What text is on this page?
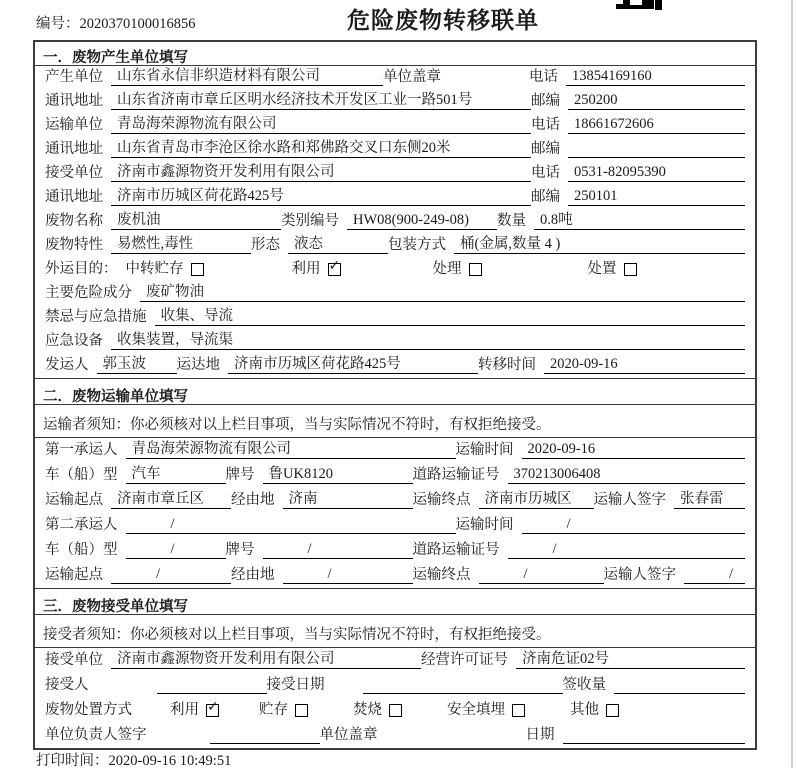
编号：2020370100016856	危险废物转移联单
一．废物产生单位填写
产生单位 山东省永信非织造材料有限公司	单位盖章	电话 13854169160
通讯地址 山东省济南市章丘区明水经济技术开发区工业一路501号	邮编 250200
运输单位 青岛海荣源物流有限公司	电话 18661672606
通讯地址 山东省青岛市李沧区徐水路和郑佛路交叉口东侧20米	邮编
接受单位 济南市鑫源物资开发利用有限公司	电话 0531-82095390
通讯地址 济南市历城区荷花路425号	邮编 250101
废物名称 废机油	类别编号 HW08(900-249-08)	数量 0.8吨
废物特性 易燃性,毒性	形态 液态	包装方式 桶(金属,数量 4 )
外运目的： 中转贮存	利用 ✓	处理	处置
主要危险成分 废矿物油
禁忌与应急措施 收集、导流
应急设备 收集装置，导流渠
发运人 郭玉波	运达地 济南市历城区荷花路425号	转移时间 2020-09-16
二．废物运输单位填写
运输者须知：你必须核对以上栏目事项，当与实际情况不符时，有权拒绝接受。
第一承运人 青岛海荣源物流有限公司	运输时间 2020-09-16
车（船）型 汽车	牌号 鲁UK8120	道路运输证号 370213006408
运输起点 济南市章丘区	经由地 济南	运输终点 济南市历城区	运输人签字 张春雷
第二承运人	/	运输时间	/
车（船）型	/	牌号	/	道路运输证号	/
运输起点	/	经由地	/	运输终点	/	运输人签字	/
三．废物接受单位填写
接受者须知：你必须核对以上栏目事项，当与实际情况不符时，有权拒绝接受。
接受单位 济南市鑫源物资开发利用有限公司	经营许可证号 济南危证02号
接受人	接受日期	签收量
废物处置方式	利用 ✓	贮存	焚烧	安全填埋	其他
单位负责人签字	单位盖章	日期
打印时间：2020-09-16 10:49:51
